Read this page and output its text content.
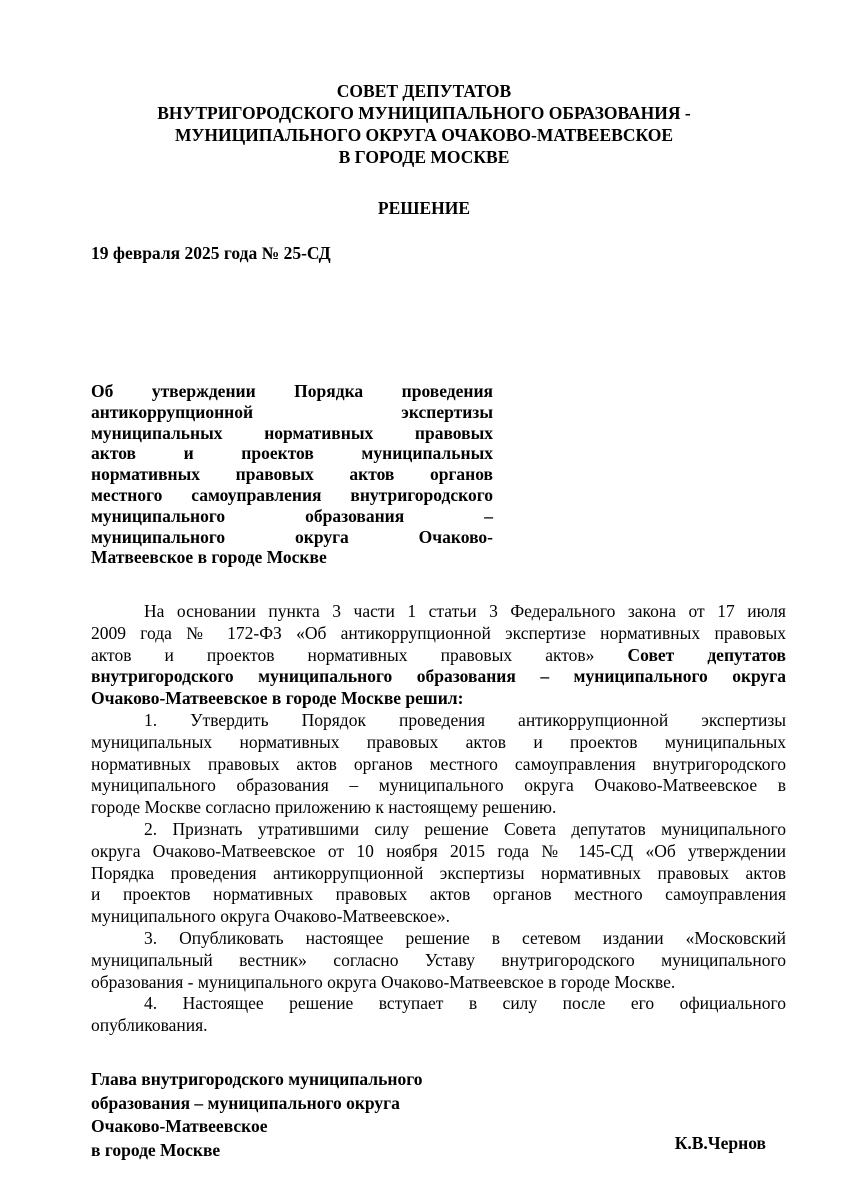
СОВЕТ ДЕПУТАТОВ
ВНУТРИГОРОДСКОГО МУНИЦИПАЛЬНОГО ОБРАЗОВАНИЯ -
МУНИЦИПАЛЬНОГО ОКРУГА ОЧАКОВО-МАТВЕЕВСКОЕ
В ГОРОДЕ МОСКВЕ
РЕШЕНИЕ
19 февраля 2025 года № 25-СД
Об утверждении Порядка проведения
антикоррупционной экспертизы
муниципальных нормативных правовых
актов и проектов муниципальных
нормативных правовых актов органов
местного самоуправления внутригородского
муниципального образования –
муниципального округа Очаково-
Матвеевское в городе Москве
На основании пункта 3 части 1 статьи 3 Федерального закона от 17 июля
2009 года № 172-ФЗ «Об антикоррупционной экспертизе нормативных правовых
актов и проектов нормативных правовых актов» Совет депутатов
внутригородского муниципального образования – муниципального округа
Очаково-Матвеевское в городе Москве решил:
1. Утвердить Порядок проведения антикоррупционной экспертизы
муниципальных нормативных правовых актов и проектов муниципальных
нормативных правовых актов органов местного самоуправления внутригородского
муниципального образования – муниципального округа Очаково-Матвеевское в
городе Москве согласно приложению к настоящему решению.
2. Признать утратившими силу решение Совета депутатов муниципального
округа Очаково-Матвеевское от 10 ноября 2015 года № 145-СД «Об утверждении
Порядка проведения антикоррупционной экспертизы нормативных правовых актов
и проектов нормативных правовых актов органов местного самоуправления
муниципального округа Очаково-Матвеевское».
3. Опубликовать настоящее решение в сетевом издании «Московский
муниципальный вестник» согласно Уставу внутригородского муниципального
образования - муниципального округа Очаково-Матвеевское в городе Москве.
4. Настоящее решение вступает в силу после его официального
опубликования.
Глава внутригородского муниципального
образования – муниципального округа
Очаково-Матвеевское
в городе Москве	К.В.Чернов
